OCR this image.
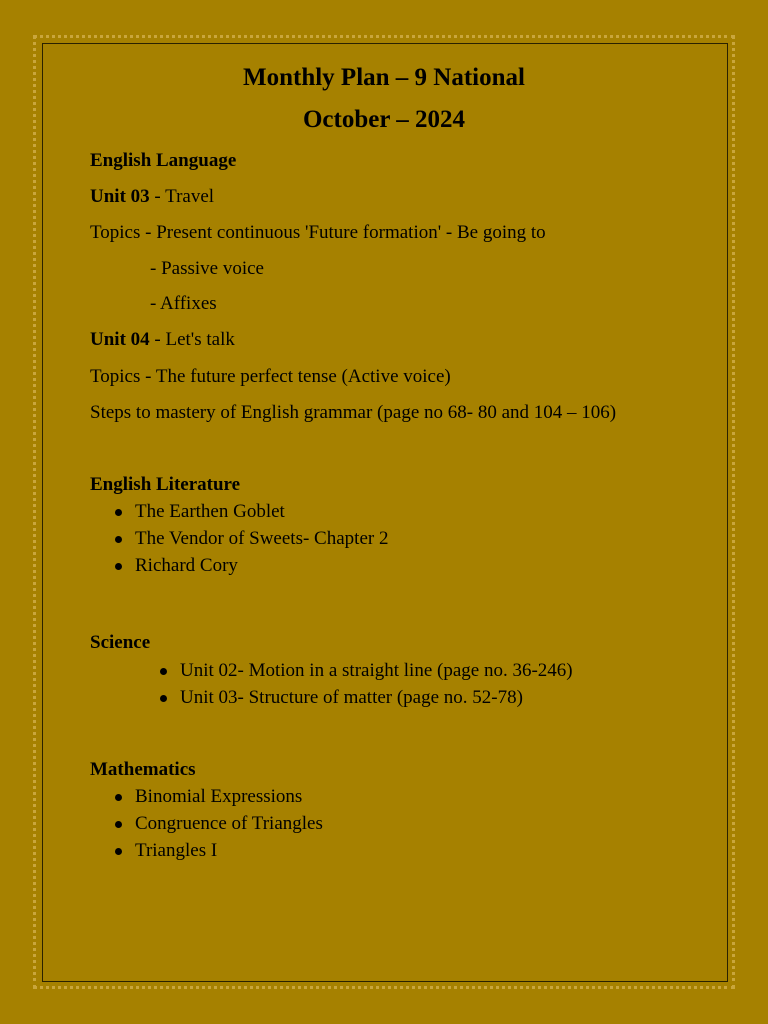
Monthly Plan – 9 National
October – 2024

English Language

Unit 03 - Travel

Topics - Present continuous 'Future formation' - Be going to

- Passive voice

- Affixes

Unit 04 - Let's talk

Topics - The future perfect tense (Active voice)

Steps to mastery of English grammar (page no 68- 80 and 104 – 106)

English Literature

The Earthen Goblet
The Vendor of Sweets- Chapter 2
Richard Cory

Science

Unit 02- Motion in a straight line (page no. 36-246)
Unit 03- Structure of matter (page no. 52-78)

Mathematics

Binomial Expressions
Congruence of Triangles
Triangles I
